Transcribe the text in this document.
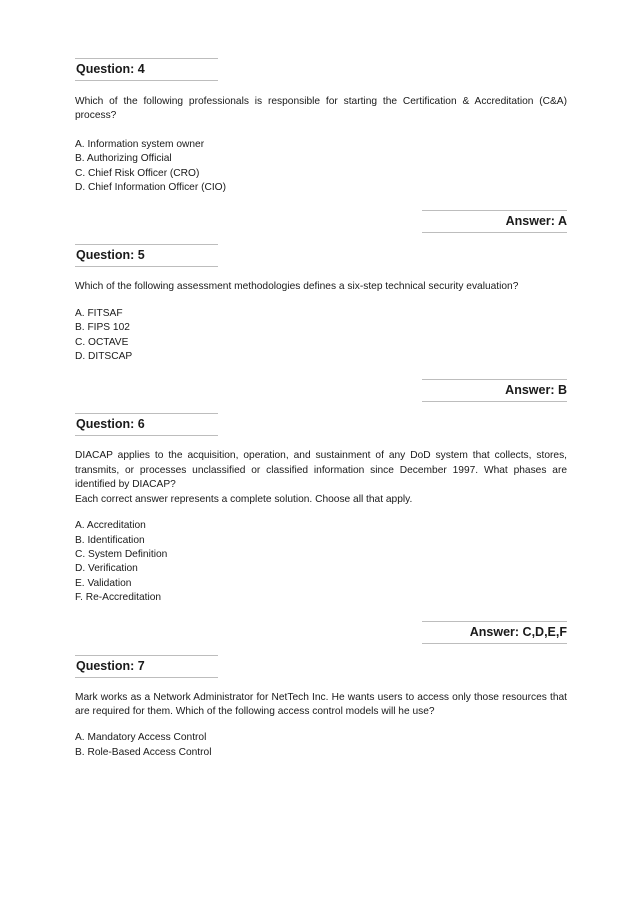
Question: 4

Which of the following professionals is responsible for starting the Certification & Accreditation (C&A) process?

A. Information system owner
B. Authorizing Official
C. Chief Risk Officer (CRO)
D. Chief Information Officer (CIO)
Answer: A
Question: 5

Which of the following assessment methodologies defines a six-step technical security evaluation?

A. FITSAF
B. FIPS 102
C. OCTAVE
D. DITSCAP
Answer: B
Question: 6

DIACAP applies to the acquisition, operation, and sustainment of any DoD system that collects, stores, transmits, or processes unclassified or classified information since December 1997. What phases are identified by DIACAP?

Each correct answer represents a complete solution. Choose all that apply.

A. Accreditation
B. Identification
C. System Definition
D. Verification
E. Validation
F. Re-Accreditation
Answer: C,D,E,F
Question: 7

Mark works as a Network Administrator for NetTech Inc. He wants users to access only those resources that are required for them. Which of the following access control models will he use?

A. Mandatory Access Control
B. Role-Based Access Control
